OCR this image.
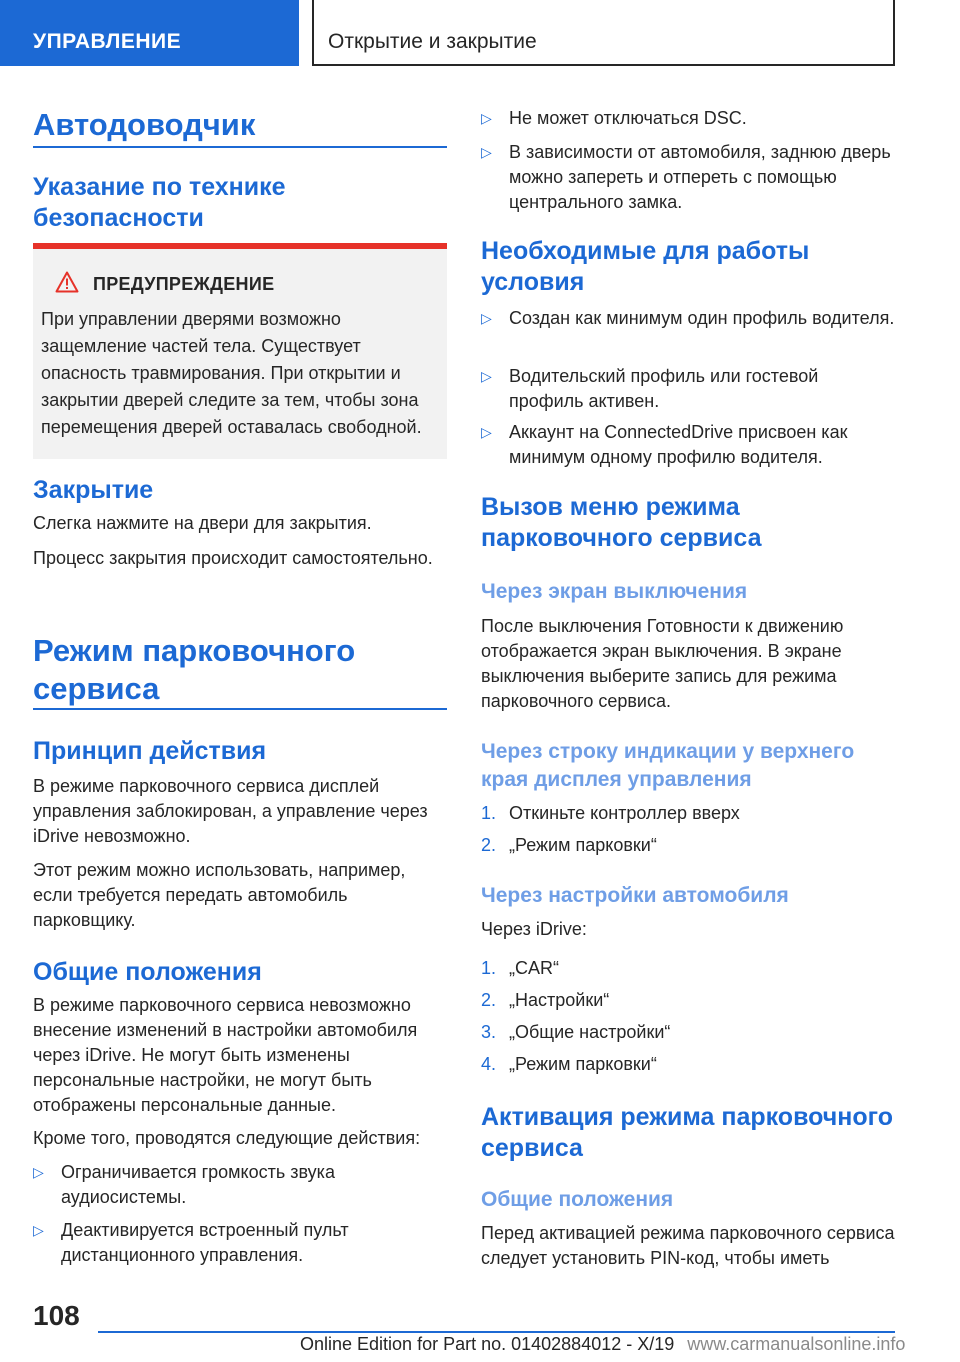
УПРАВЛЕНИЕ	Открытие и закрытие
Автодоводчик
Указание по технике безопасности
ПРЕДУПРЕЖДЕНИЕ
При управлении дверями возможно защемление частей тела. Существует опасность травмирования. При открытии и закрытии дверей следите за тем, чтобы зона перемещения дверей оставалась свободной.
Закрытие
Слегка нажмите на двери для закрытия.
Процесс закрытия происходит самостоятельно.
Режим парковочного сервиса
Принцип действия
В режиме парковочного сервиса дисплей управления заблокирован, а управление через iDrive невозможно.
Этот режим можно использовать, например, если требуется передать автомобиль парковщику.
Общие положения
В режиме парковочного сервиса невозможно внесение изменений в настройки автомобиля через iDrive. Не могут быть изменены персональные настройки, не могут быть отображены персональные данные.
Кроме того, проводятся следующие действия:
▷ Ограничивается громкость звука аудиосистемы.
▷ Деактивируется встроенный пульт дистанционного управления.
▷ Не может отключаться DSC.
▷ В зависимости от автомобиля, заднюю дверь можно запереть и отпереть с помощью центрального замка.
Необходимые для работы условия
▷ Создан как минимум один профиль водителя.
▷ Водительский профиль или гостевой профиль активен.
▷ Аккаунт на ConnectedDrive присвоен как минимум одному профилю водителя.
Вызов меню режима парковочного сервиса
Через экран выключения
После выключения Готовности к движению отображается экран выключения. В экране выключения выберите запись для режима парковочного сервиса.
Через строку индикации у верхнего края дисплея управления
1. Откиньте контроллер вверх
2. „Режим парковки“
Через настройки автомобиля
Через iDrive:
1. „CAR“
2. „Настройки“
3. „Общие настройки“
4. „Режим парковки“
Активация режима парковочного сервиса
Общие положения
Перед активацией режима парковочного сервиса следует установить PIN-код, чтобы иметь
108
Online Edition for Part no. 01402884012 - X/19 www.carmanualsonline.info
